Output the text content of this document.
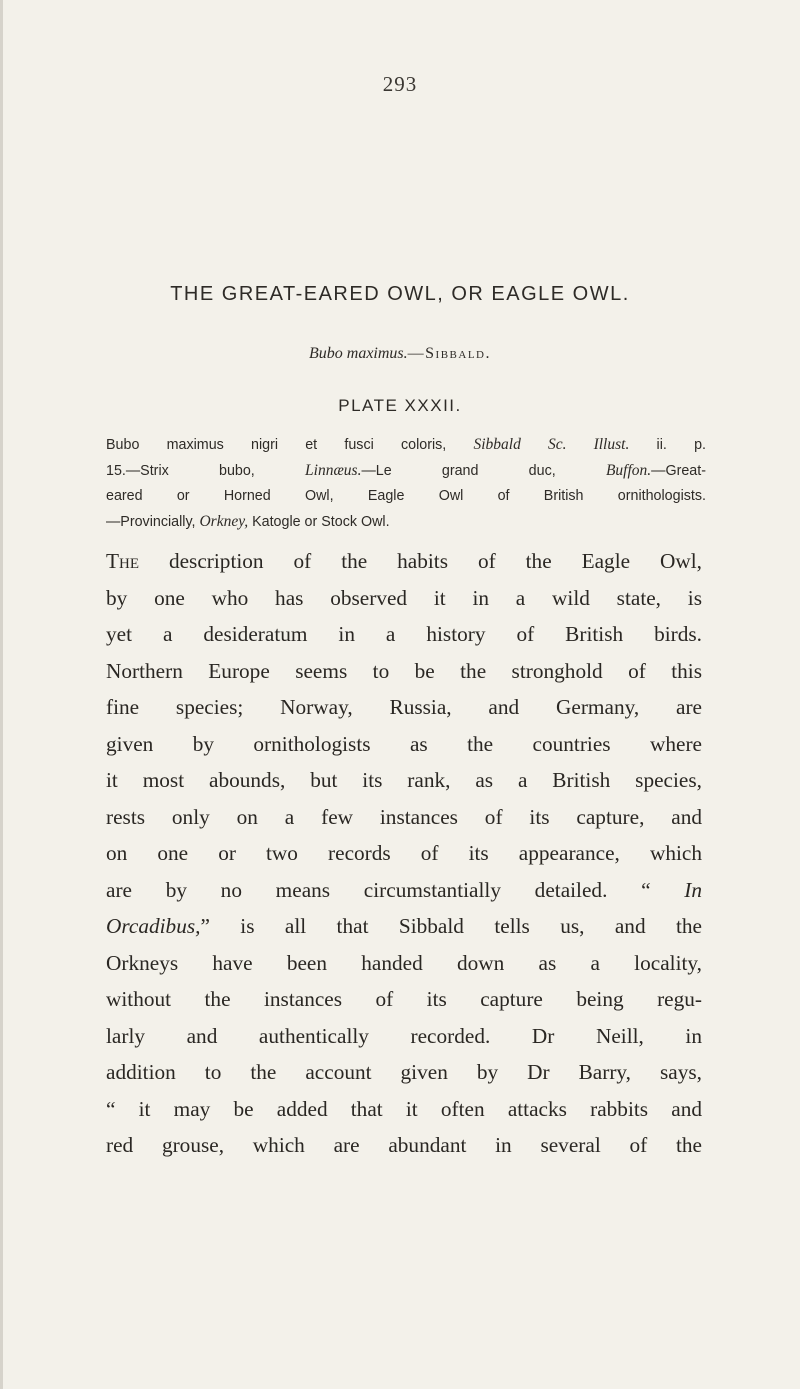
293
THE GREAT-EARED OWL, OR EAGLE OWL.
Bubo maximus.—Sibbald.
PLATE XXXII.
Bubo maximus nigri et fusci coloris, Sibbald Sc. Illust. ii. p.
15.—Strix bubo, Linnæus.—Le grand duc, Buffon.—Great-
eared or Horned Owl, Eagle Owl of British ornithologists.
—Provincially, Orkney, Katogle or Stock Owl.
The description of the habits of the Eagle Owl,
by one who has observed it in a wild state, is
yet a desideratum in a history of British birds.
Northern Europe seems to be the stronghold of this
fine species; Norway, Russia, and Germany, are
given by ornithologists as the countries where
it most abounds, but its rank, as a British species,
rests only on a few instances of its capture, and
on one or two records of its appearance, which
are by no means circumstantially detailed. “ In
Orcadibus,” is all that Sibbald tells us, and the
Orkneys have been handed down as a locality,
without the instances of its capture being regu-
larly and authentically recorded. Dr Neill, in
addition to the account given by Dr Barry, says,
“ it may be added that it often attacks rabbits and
red grouse, which are abundant in several of the
